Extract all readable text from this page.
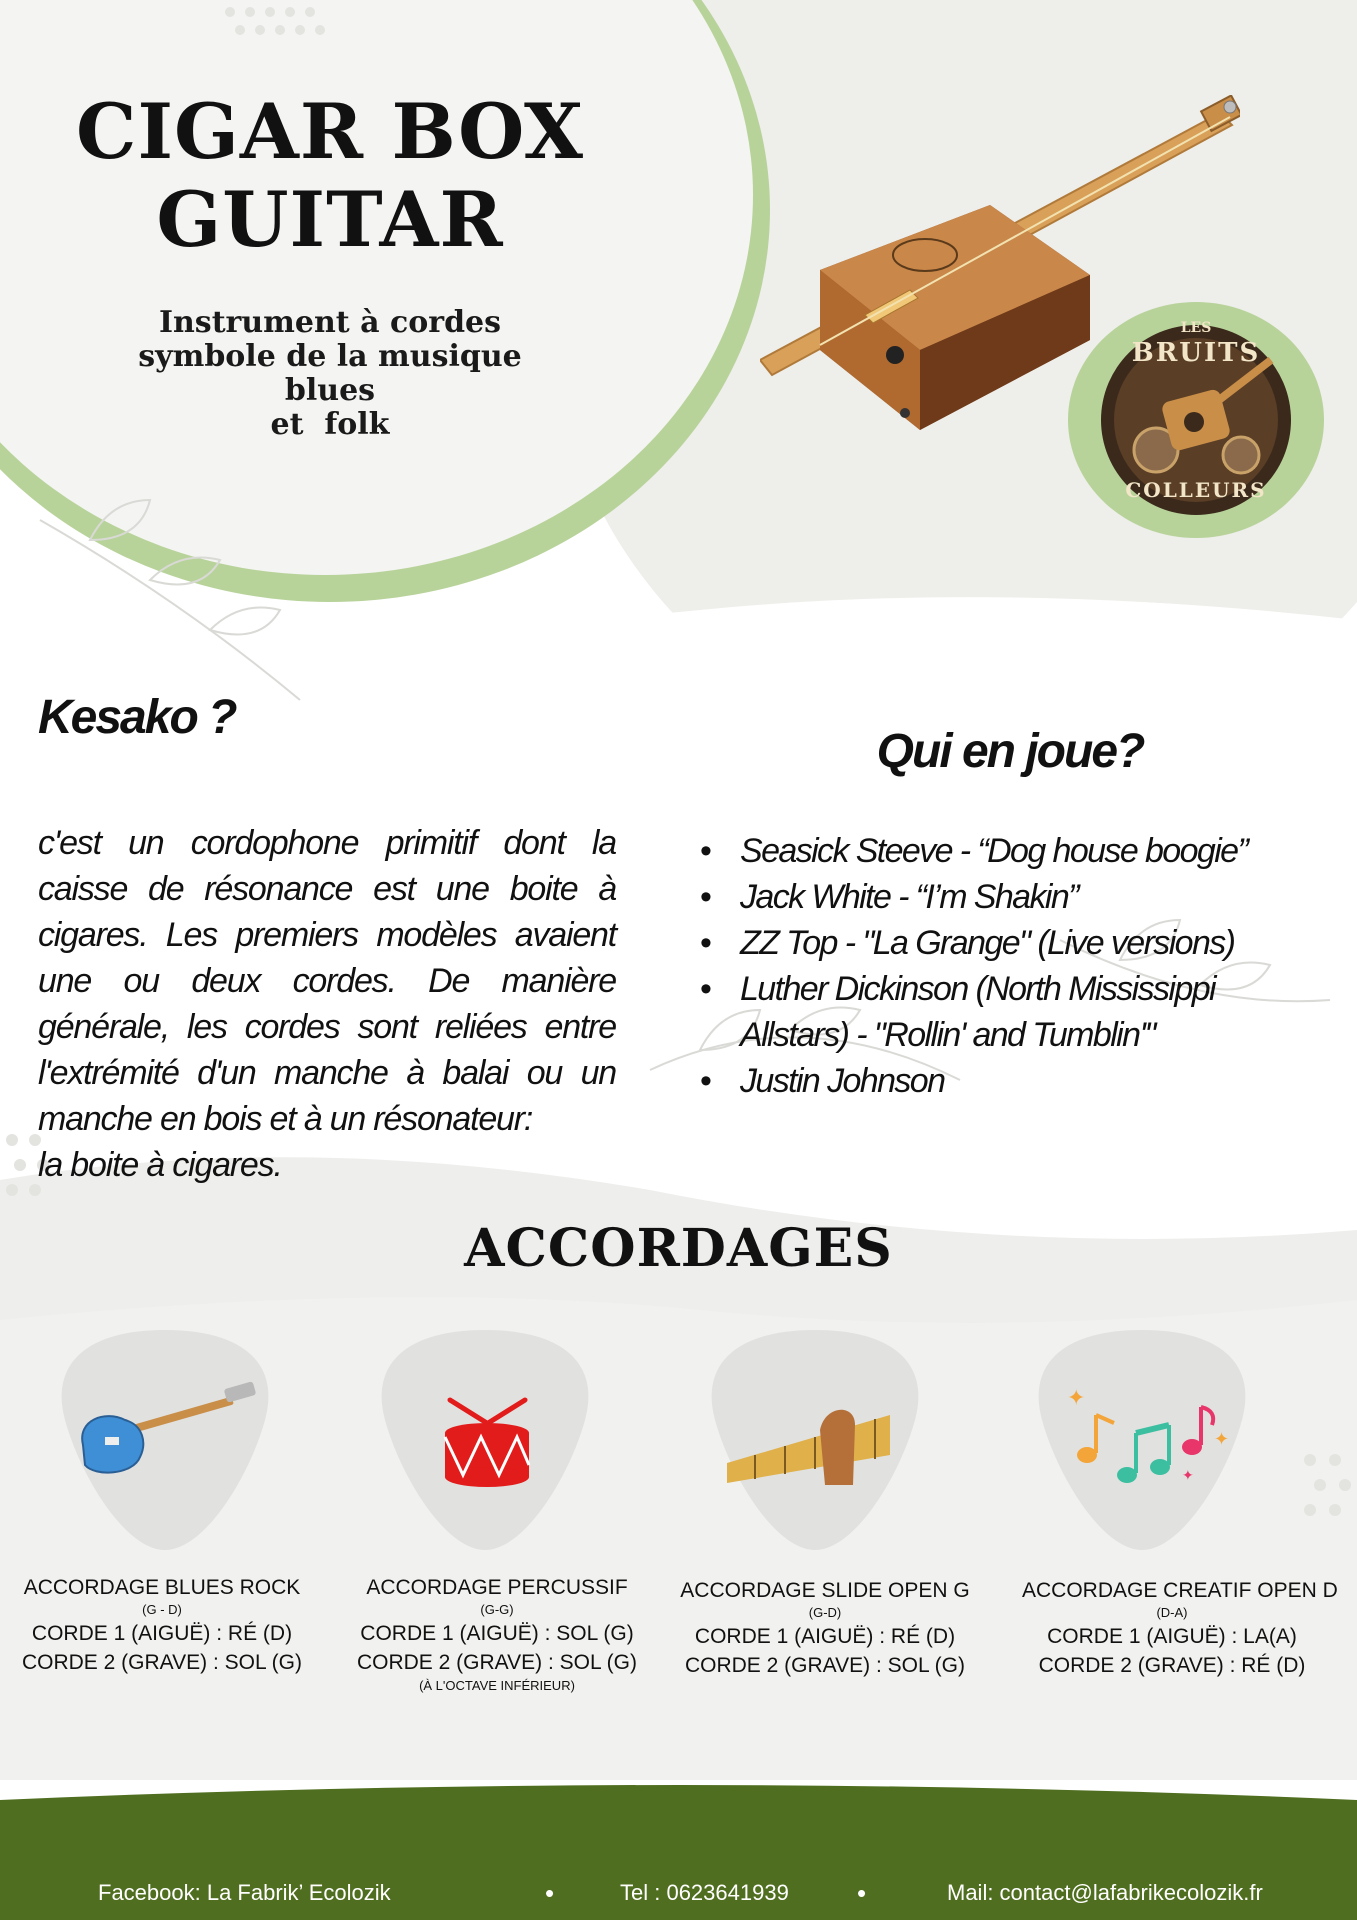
CIGAR BOX
GUITAR
Instrument à cordes
symbole de la musique blues
et  folk
LES
BRUITS
COLLEURS
Kesako ?
c'est un cordophone primitif dont la
caisse de résonance est une boite à
cigares. Les premiers modèles avaient
une ou deux cordes. De manière
générale, les cordes sont reliées entre
l'extrémité d'un manche à balai ou un
manche en bois et à un résonateur:
la boite à cigares.
Qui en joue?
• Seasick Steeve - “Dog house boogie”
• Jack White - “I’m Shakin”
• ZZ Top - "La Grange" (Live versions)
• Luther Dickinson (North Mississippi Allstars) - "Rollin' and Tumblin'"
• Justin Johnson
ACCORDAGES
✦
✦
✦
ACCORDAGE BLUES ROCK
(G - D)
CORDE 1 (AIGUË) : RÉ (D)
CORDE 2 (GRAVE) : SOL (G)
ACCORDAGE PERCUSSIF
(G-G)
CORDE 1 (AIGUË) : SOL (G)
CORDE 2 (GRAVE) : SOL (G)
(À L'OCTAVE INFÉRIEUR)
ACCORDAGE SLIDE OPEN G
(G-D)
CORDE 1 (AIGUË) : RÉ (D)
CORDE 2 (GRAVE) : SOL (G)
ACCORDAGE CREATIF OPEN D
(D-A)
CORDE 1 (AIGUË) : LA(A)
CORDE 2 (GRAVE) : RÉ (D)
Facebook: La Fabrik’ Ecolozik	•	Tel : 0623641939	•	Mail: contact@lafabrikecolozik.fr
